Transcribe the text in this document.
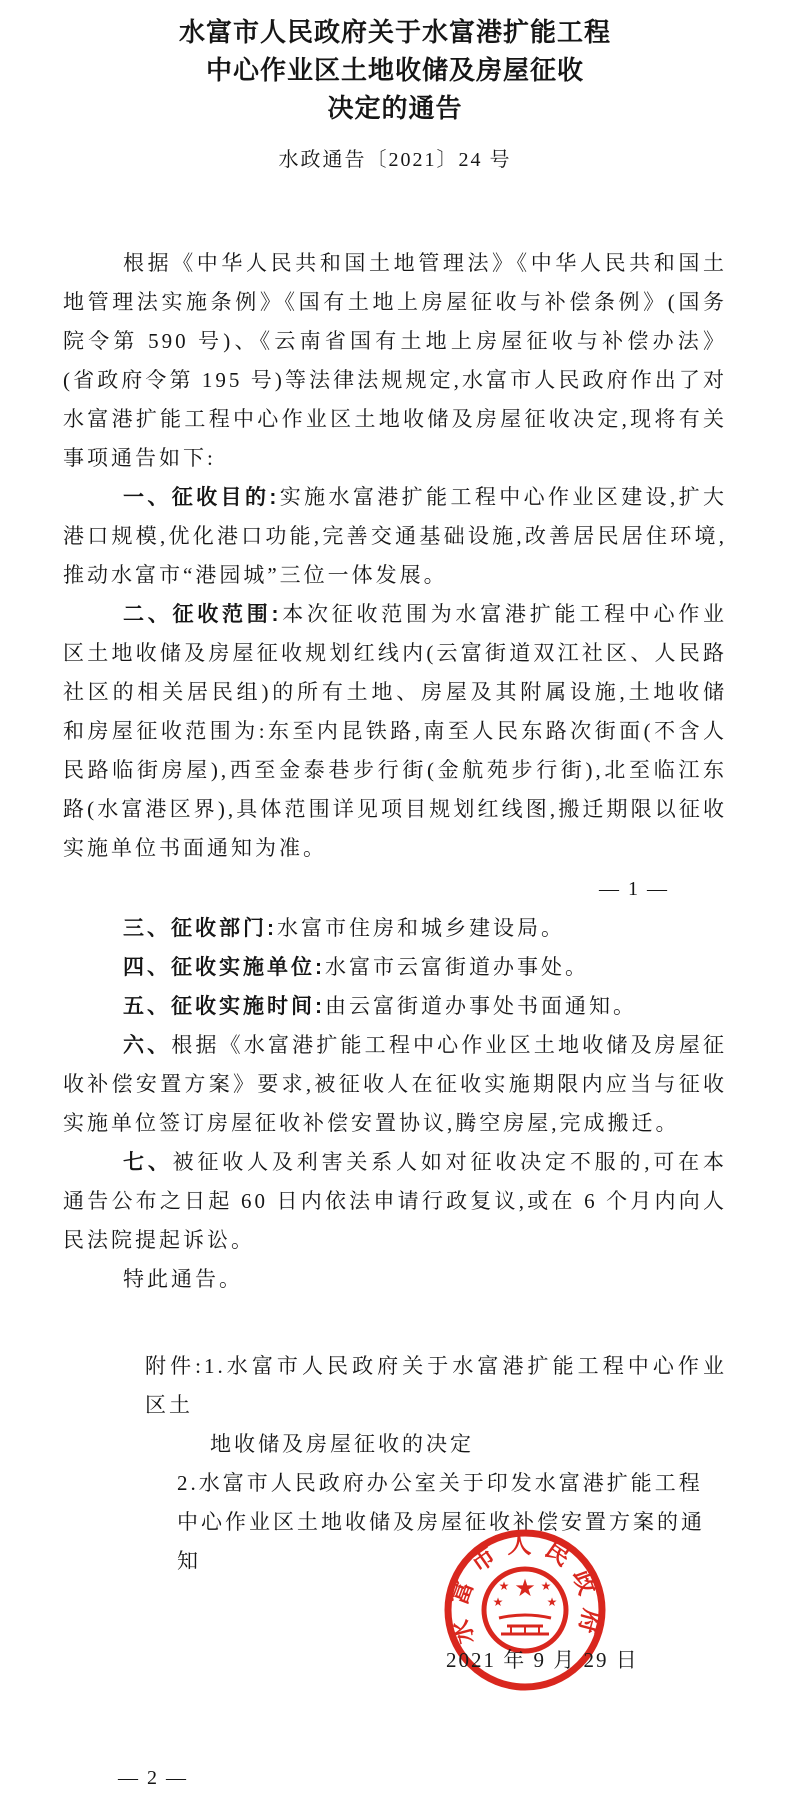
水富市人民政府关于水富港扩能工程
中心作业区土地收储及房屋征收
决定的通告
水政通告〔2021〕24 号

根据《中华人民共和国土地管理法》《中华人民共和国土地管理法实施条例》《国有土地上房屋征收与补偿条例》(国务院令第 590 号)、《云南省国有土地上房屋征收与补偿办法》(省政府令第 195 号)等法律法规规定,水富市人民政府作出了对水富港扩能工程中心作业区土地收储及房屋征收决定,现将有关事项通告如下:

一、征收目的:实施水富港扩能工程中心作业区建设,扩大港口规模,优化港口功能,完善交通基础设施,改善居民居住环境,推动水富市“港园城”三位一体发展。

二、征收范围:本次征收范围为水富港扩能工程中心作业区土地收储及房屋征收规划红线内(云富街道双江社区、人民路社区的相关居民组)的所有土地、房屋及其附属设施,土地收储和房屋征收范围为:东至内昆铁路,南至人民东路次街面(不含人民路临街房屋),西至金泰巷步行街(金航苑步行街),北至临江东路(水富港区界),具体范围详见项目规划红线图,搬迁期限以征收实施单位书面通知为准。

— 1 —

三、征收部门:水富市住房和城乡建设局。

四、征收实施单位:水富市云富街道办事处。

五、征收实施时间:由云富街道办事处书面通知。

六、根据《水富港扩能工程中心作业区土地收储及房屋征收补偿安置方案》要求,被征收人在征收实施期限内应当与征收实施单位签订房屋征收补偿安置协议,腾空房屋,完成搬迁。

七、被征收人及利害关系人如对征收决定不服的,可在本通告公布之日起 60 日内依法申请行政复议,或在 6 个月内向人民法院提起诉讼。

特此通告。

附件:1.水富市人民政府关于水富港扩能工程中心作业区土

地收储及房屋征收的决定

2.水富市人民政府办公室关于印发水富港扩能工程

中心作业区土地收储及房屋征收补偿安置方案的通

知

水富市人民政府
★
★	★
★	★
2021 年 9 月 29 日
— 2 —
